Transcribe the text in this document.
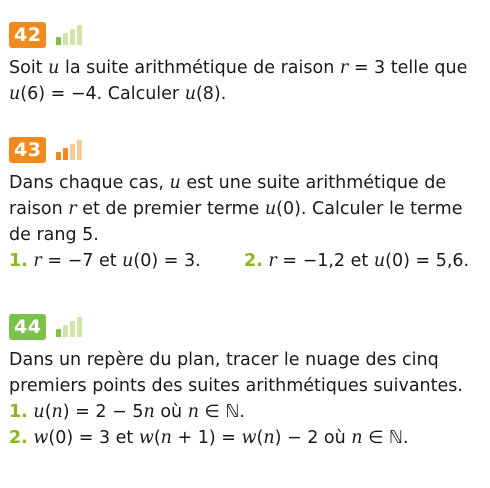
42

Soit u la suite arithmétique de raison r = 3 telle que

u(6) = −4. Calculer u(8).

43

Dans chaque cas, u est une suite arithmétique de

raison r et de premier terme u(0). Calculer le terme

de rang 5.

1. r = −7 et u(0) = 3. 2. r = −1,2 et u(0) = 5,6.

44

Dans un repère du plan, tracer le nuage des cinq

premiers points des suites arithmétiques suivantes.

1. u(n) = 2 − 5n où n ∈ ℕ.

2. w(0) = 3 et w(n + 1) = w(n) − 2 où n ∈ ℕ.
